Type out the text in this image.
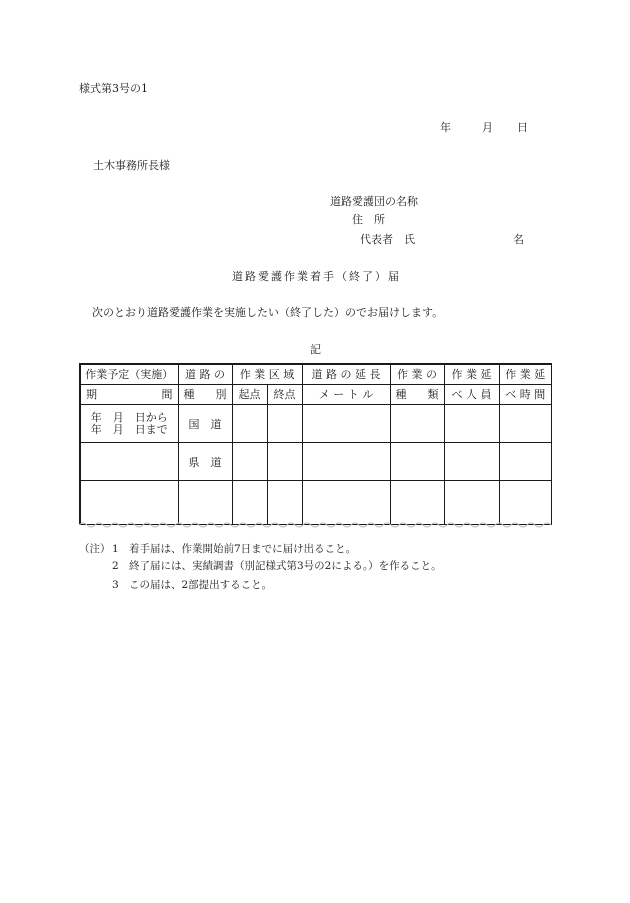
様式第3号の1
年	月 日
土木事務所長様
道路愛護団の名称
住　所
代表者　氏	名
道路愛護作業着手（終了）届
次のとおり道路愛護作業を実施したい（終了した）のでお届けします。
記
作業予定（実施）	道 路 の	作 業 区 域		道 路 の 延 長	作 業 の	作 業 延	作 業 延

期 間	種 別	起点	終点	メ ー ト ル	種 類	べ 人 員	べ 時 間

年　月　日から
年　月　日まで	国　道						

	県　道						

（注） 1 着手届は、作業開始前7日までに届け出ること。
2 終了届には、実績調書（別記様式第3号の2による。）を作ること。
3 この届は、2部提出すること。
